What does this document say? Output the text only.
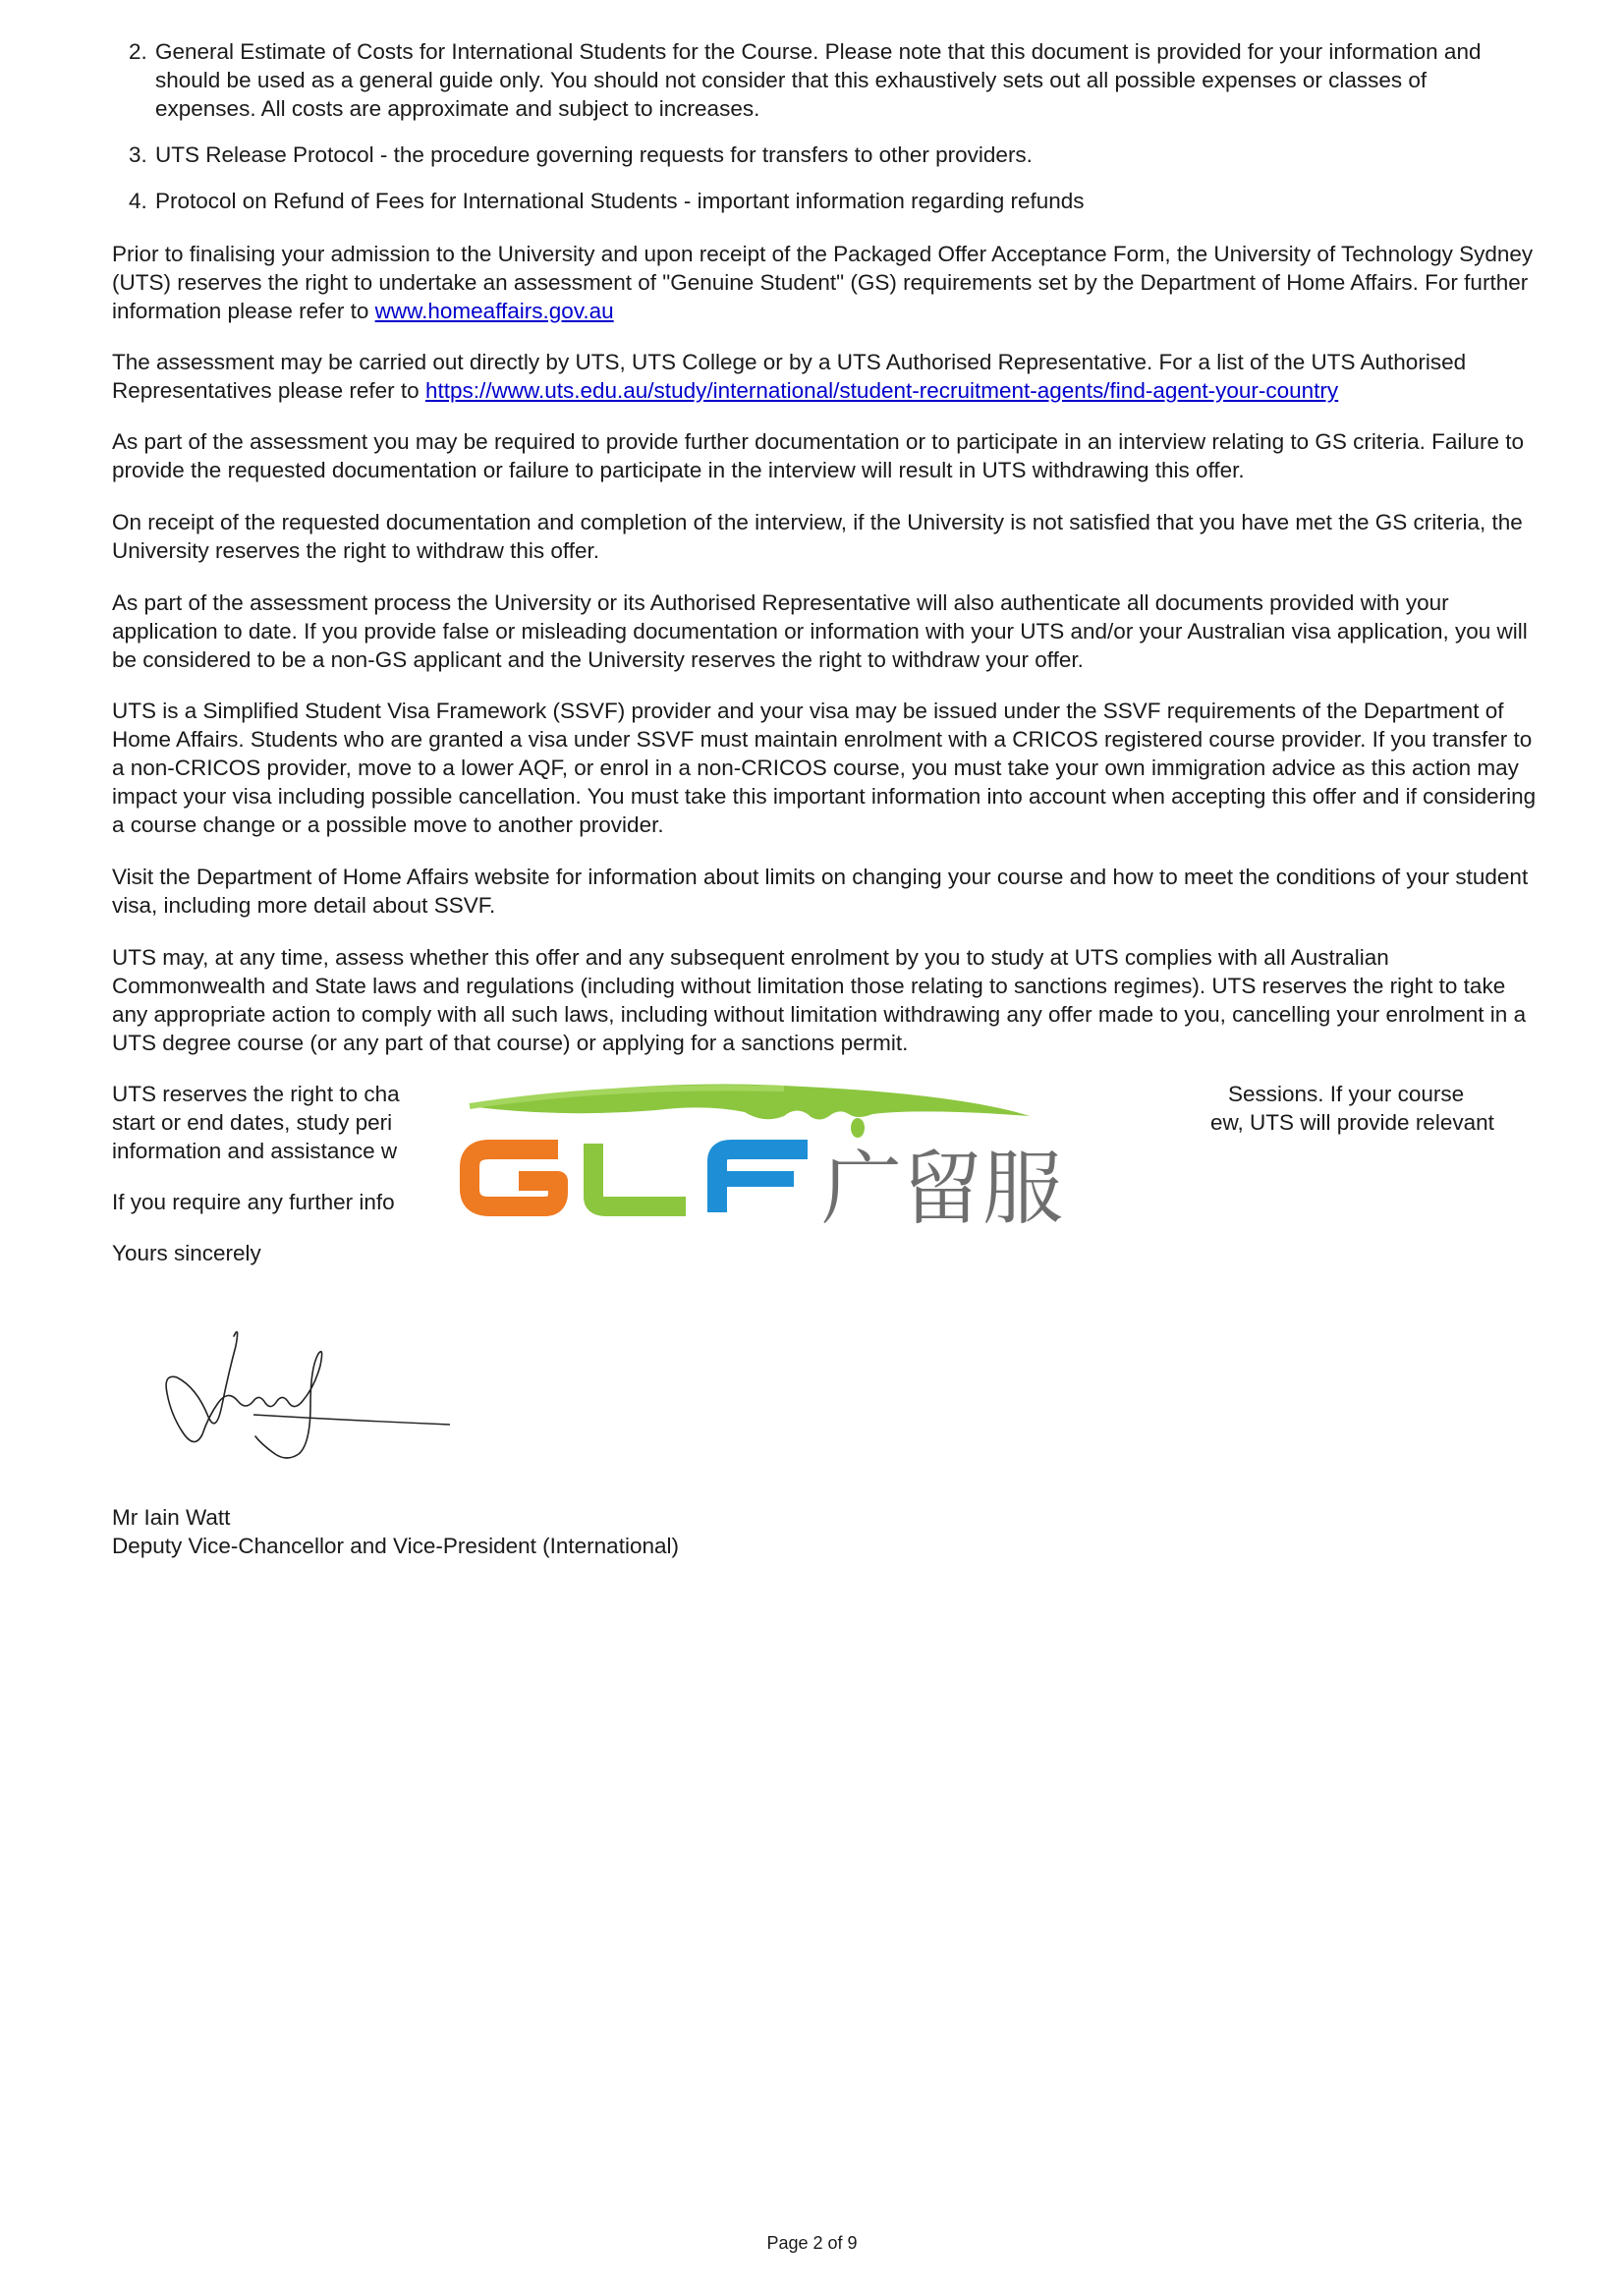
2. General Estimate of Costs for International Students for the Course. Please note that this document is provided for your information and should be used as a general guide only. You should not consider that this exhaustively sets out all possible expenses or classes of expenses. All costs are approximate and subject to increases.
3. UTS Release Protocol - the procedure governing requests for transfers to other providers.
4. Protocol on Refund of Fees for International Students - important information regarding refunds
Prior to finalising your admission to the University and upon receipt of the Packaged Offer Acceptance Form, the University of Technology Sydney (UTS) reserves the right to undertake an assessment of "Genuine Student" (GS) requirements set by the Department of Home Affairs. For further information please refer to www.homeaffairs.gov.au
The assessment may be carried out directly by UTS, UTS College or by a UTS Authorised Representative. For a list of the UTS Authorised Representatives please refer to https://www.uts.edu.au/study/international/student-recruitment-agents/find-agent-your-country
As part of the assessment you may be required to provide further documentation or to participate in an interview relating to GS criteria. Failure to provide the requested documentation or failure to participate in the interview will result in UTS withdrawing this offer.
On receipt of the requested documentation and completion of the interview, if the University is not satisfied that you have met the GS criteria, the University reserves the right to withdraw this offer.
As part of the assessment process the University or its Authorised Representative will also authenticate all documents provided with your application to date. If you provide false or misleading documentation or information with your UTS and/or your Australian visa application, you will be considered to be a non-GS applicant and the University reserves the right to withdraw your offer.
UTS is a Simplified Student Visa Framework (SSVF) provider and your visa may be issued under the SSVF requirements of the Department of Home Affairs. Students who are granted a visa under SSVF must maintain enrolment with a CRICOS registered course provider. If you transfer to a non-CRICOS provider, move to a lower AQF, or enrol in a non-CRICOS course, you must take your own immigration advice as this action may impact your visa including possible cancellation. You must take this important information into account when accepting this offer and if considering a course change or a possible move to another provider.
Visit the Department of Home Affairs website for information about limits on changing your course and how to meet the conditions of your student visa, including more detail about SSVF.
UTS may, at any time, assess whether this offer and any subsequent enrolment by you to study at UTS complies with all Australian Commonwealth and State laws and regulations (including without limitation those relating to sanctions regimes). UTS reserves the right to take any appropriate action to comply with all such laws, including without limitation withdrawing any offer made to you, cancelling your enrolment in a UTS degree course (or any part of that course) or applying for a sanctions permit.
UTS reserves the right to cha	Sessions. If your course
start or end dates, study peri	ew, UTS will provide relevant
information and assistance w
If you require any further info
Yours sincerely
广留服
Mr Iain Watt
Deputy Vice-Chancellor and Vice-President (International)
Page 2 of 9
